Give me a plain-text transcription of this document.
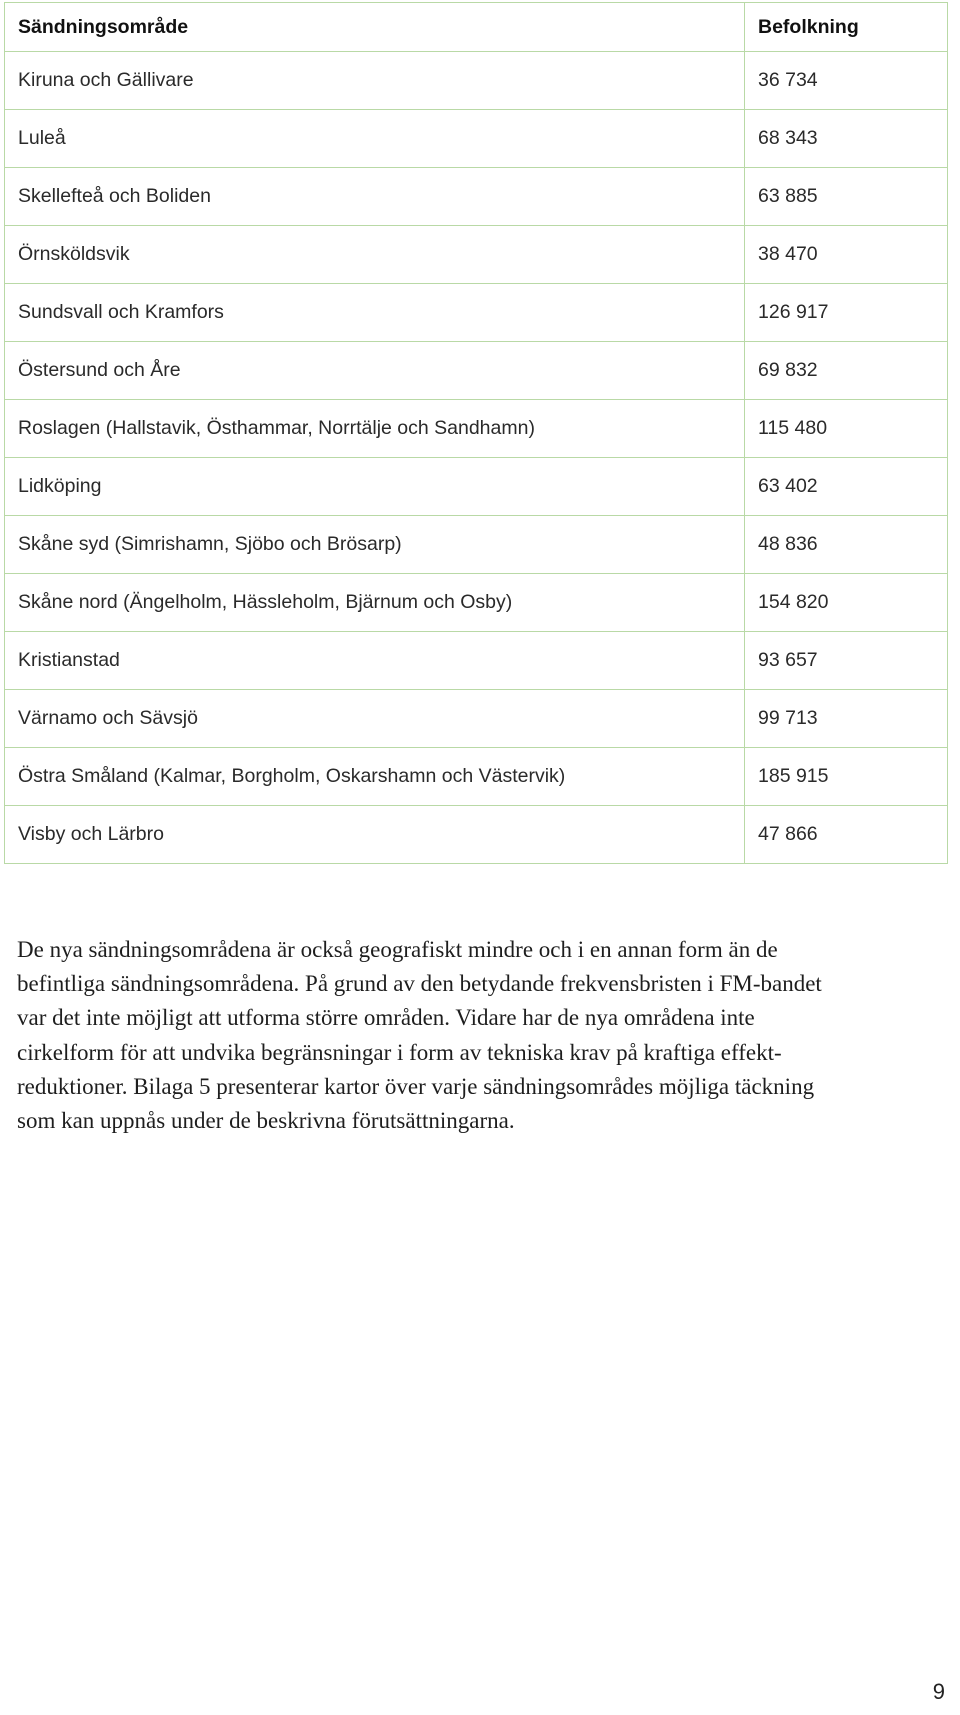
Sändningsområde	Befolkning
Kiruna och Gällivare	36 734
Luleå	68 343
Skellefteå och Boliden	63 885
Örnsköldsvik	38 470
Sundsvall och Kramfors	126 917
Östersund och Åre	69 832
Roslagen (Hallstavik, Östhammar, Norrtälje och Sandhamn)	115 480
Lidköping	63 402
Skåne syd (Simrishamn, Sjöbo och Brösarp)	48 836
Skåne nord (Ängelholm, Hässleholm, Bjärnum och Osby)	154 820
Kristianstad	93 657
Värnamo och Sävsjö	99 713
Östra Småland (Kalmar, Borgholm, Oskarshamn och Västervik)	185 915
Visby och Lärbro	47 866

De nya sändningsområdena är också geografiskt mindre och i en annan form än de
befintliga sändningsområdena. På grund av den betydande frekvensbristen i FM-bandet
var det inte möjligt att utforma större områden. Vidare har de nya områdena inte
cirkelform för att undvika begränsningar i form av tekniska krav på kraftiga effekt-
reduktioner. Bilaga 5 presenterar kartor över varje sändningsområdes möjliga täckning
som kan uppnås under de beskrivna förutsättningarna.

9
